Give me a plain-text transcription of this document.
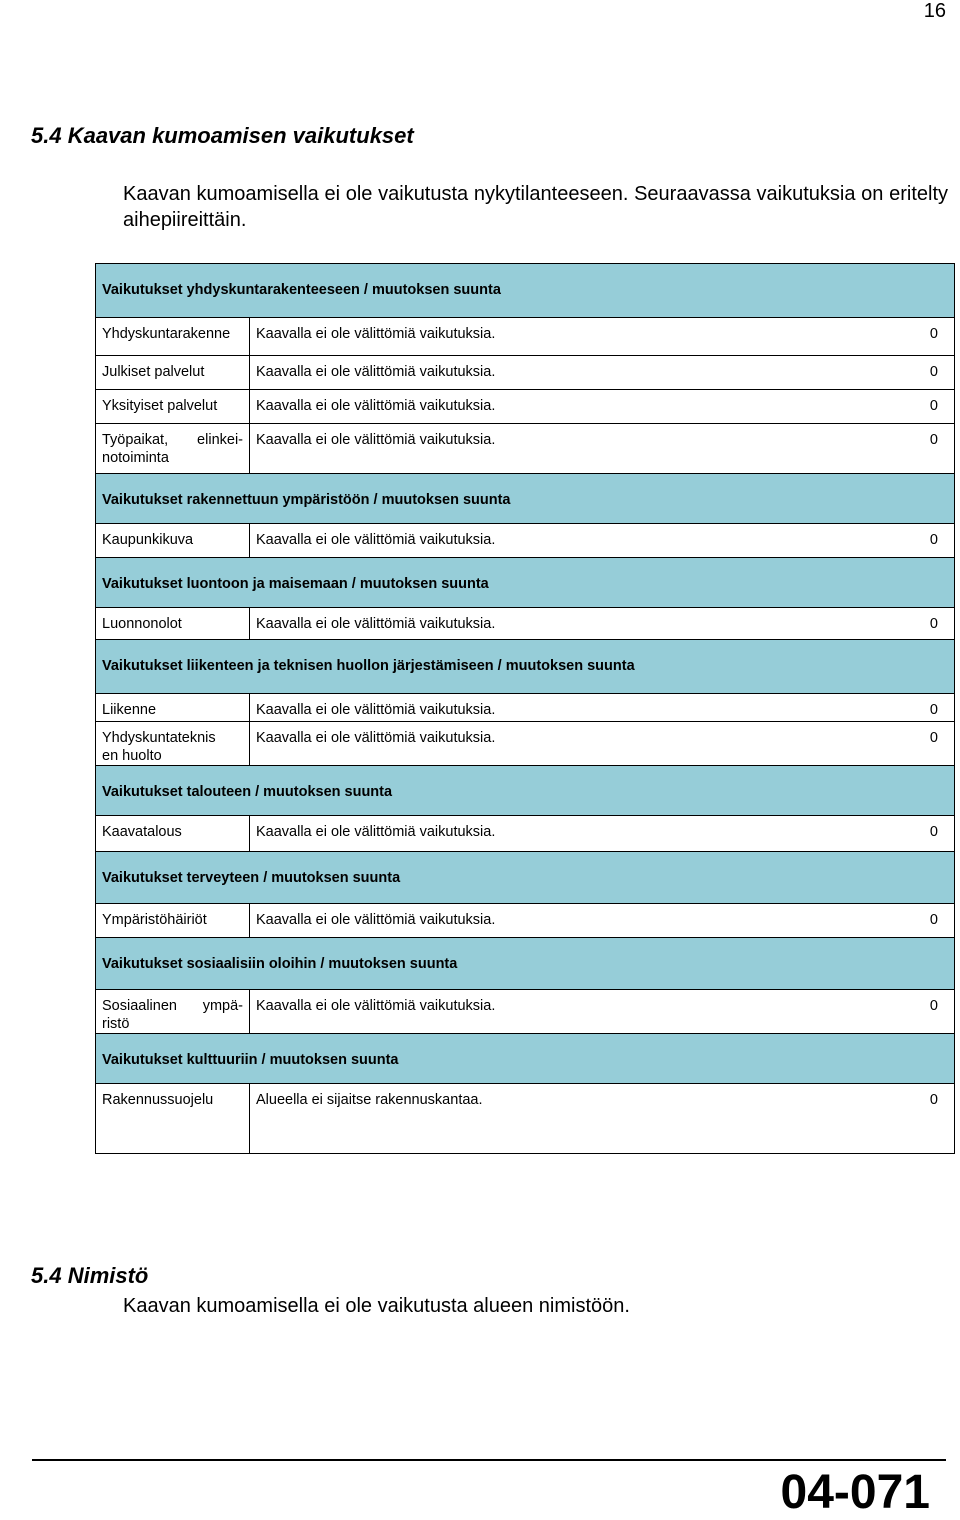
16
5.4 Kaavan kumoamisen vaikutukset
Kaavan kumoamisella ei ole vaikutusta nykytilanteeseen. Seuraavassa vaikutuksia on eritelty aihepiireittäin.
Vaikutukset yhdyskuntarakenteeseen / muutoksen suunta		
Yhdyskuntarakenne	Kaavalla ei ole välittömiä vaikutuksia.	0
Julkiset palvelut	Kaavalla ei ole välittömiä vaikutuksia.	0
Yksityiset palvelut	Kaavalla ei ole välittömiä vaikutuksia.	0
Työpaikat, elinkei-notoiminta	Kaavalla ei ole välittömiä vaikutuksia.	0
Vaikutukset rakennettuun ympäristöön / muutoksen suunta		
Kaupunkikuva	Kaavalla ei ole välittömiä vaikutuksia.	0
Vaikutukset luontoon ja maisemaan / muutoksen suunta		
Luonnonolot	Kaavalla ei ole välittömiä vaikutuksia.	0
Vaikutukset liikenteen ja teknisen huollon järjestämiseen / muutoksen suunta		
Liikenne	Kaavalla ei ole välittömiä vaikutuksia.	0

Yhdyskuntateknisen huolto	Kaavalla ei ole välittömiä vaikutuksia.	0
Vaikutukset talouteen / muutoksen suunta		
Kaavatalous	Kaavalla ei ole välittömiä vaikutuksia.	0
Vaikutukset terveyteen / muutoksen suunta		
Ympäristöhäiriöt	Kaavalla ei ole välittömiä vaikutuksia.	0
Vaikutukset sosiaalisiin oloihin / muutoksen suunta		
Sosiaalinen ympä-ristö	Kaavalla ei ole välittömiä vaikutuksia.	0
Vaikutukset kulttuuriin / muutoksen suunta		
Rakennussuojelu	Alueella ei sijaitse rakennuskantaa.	0
5.4 Nimistö
Kaavan kumoamisella ei ole vaikutusta alueen nimistöön.
04-071
